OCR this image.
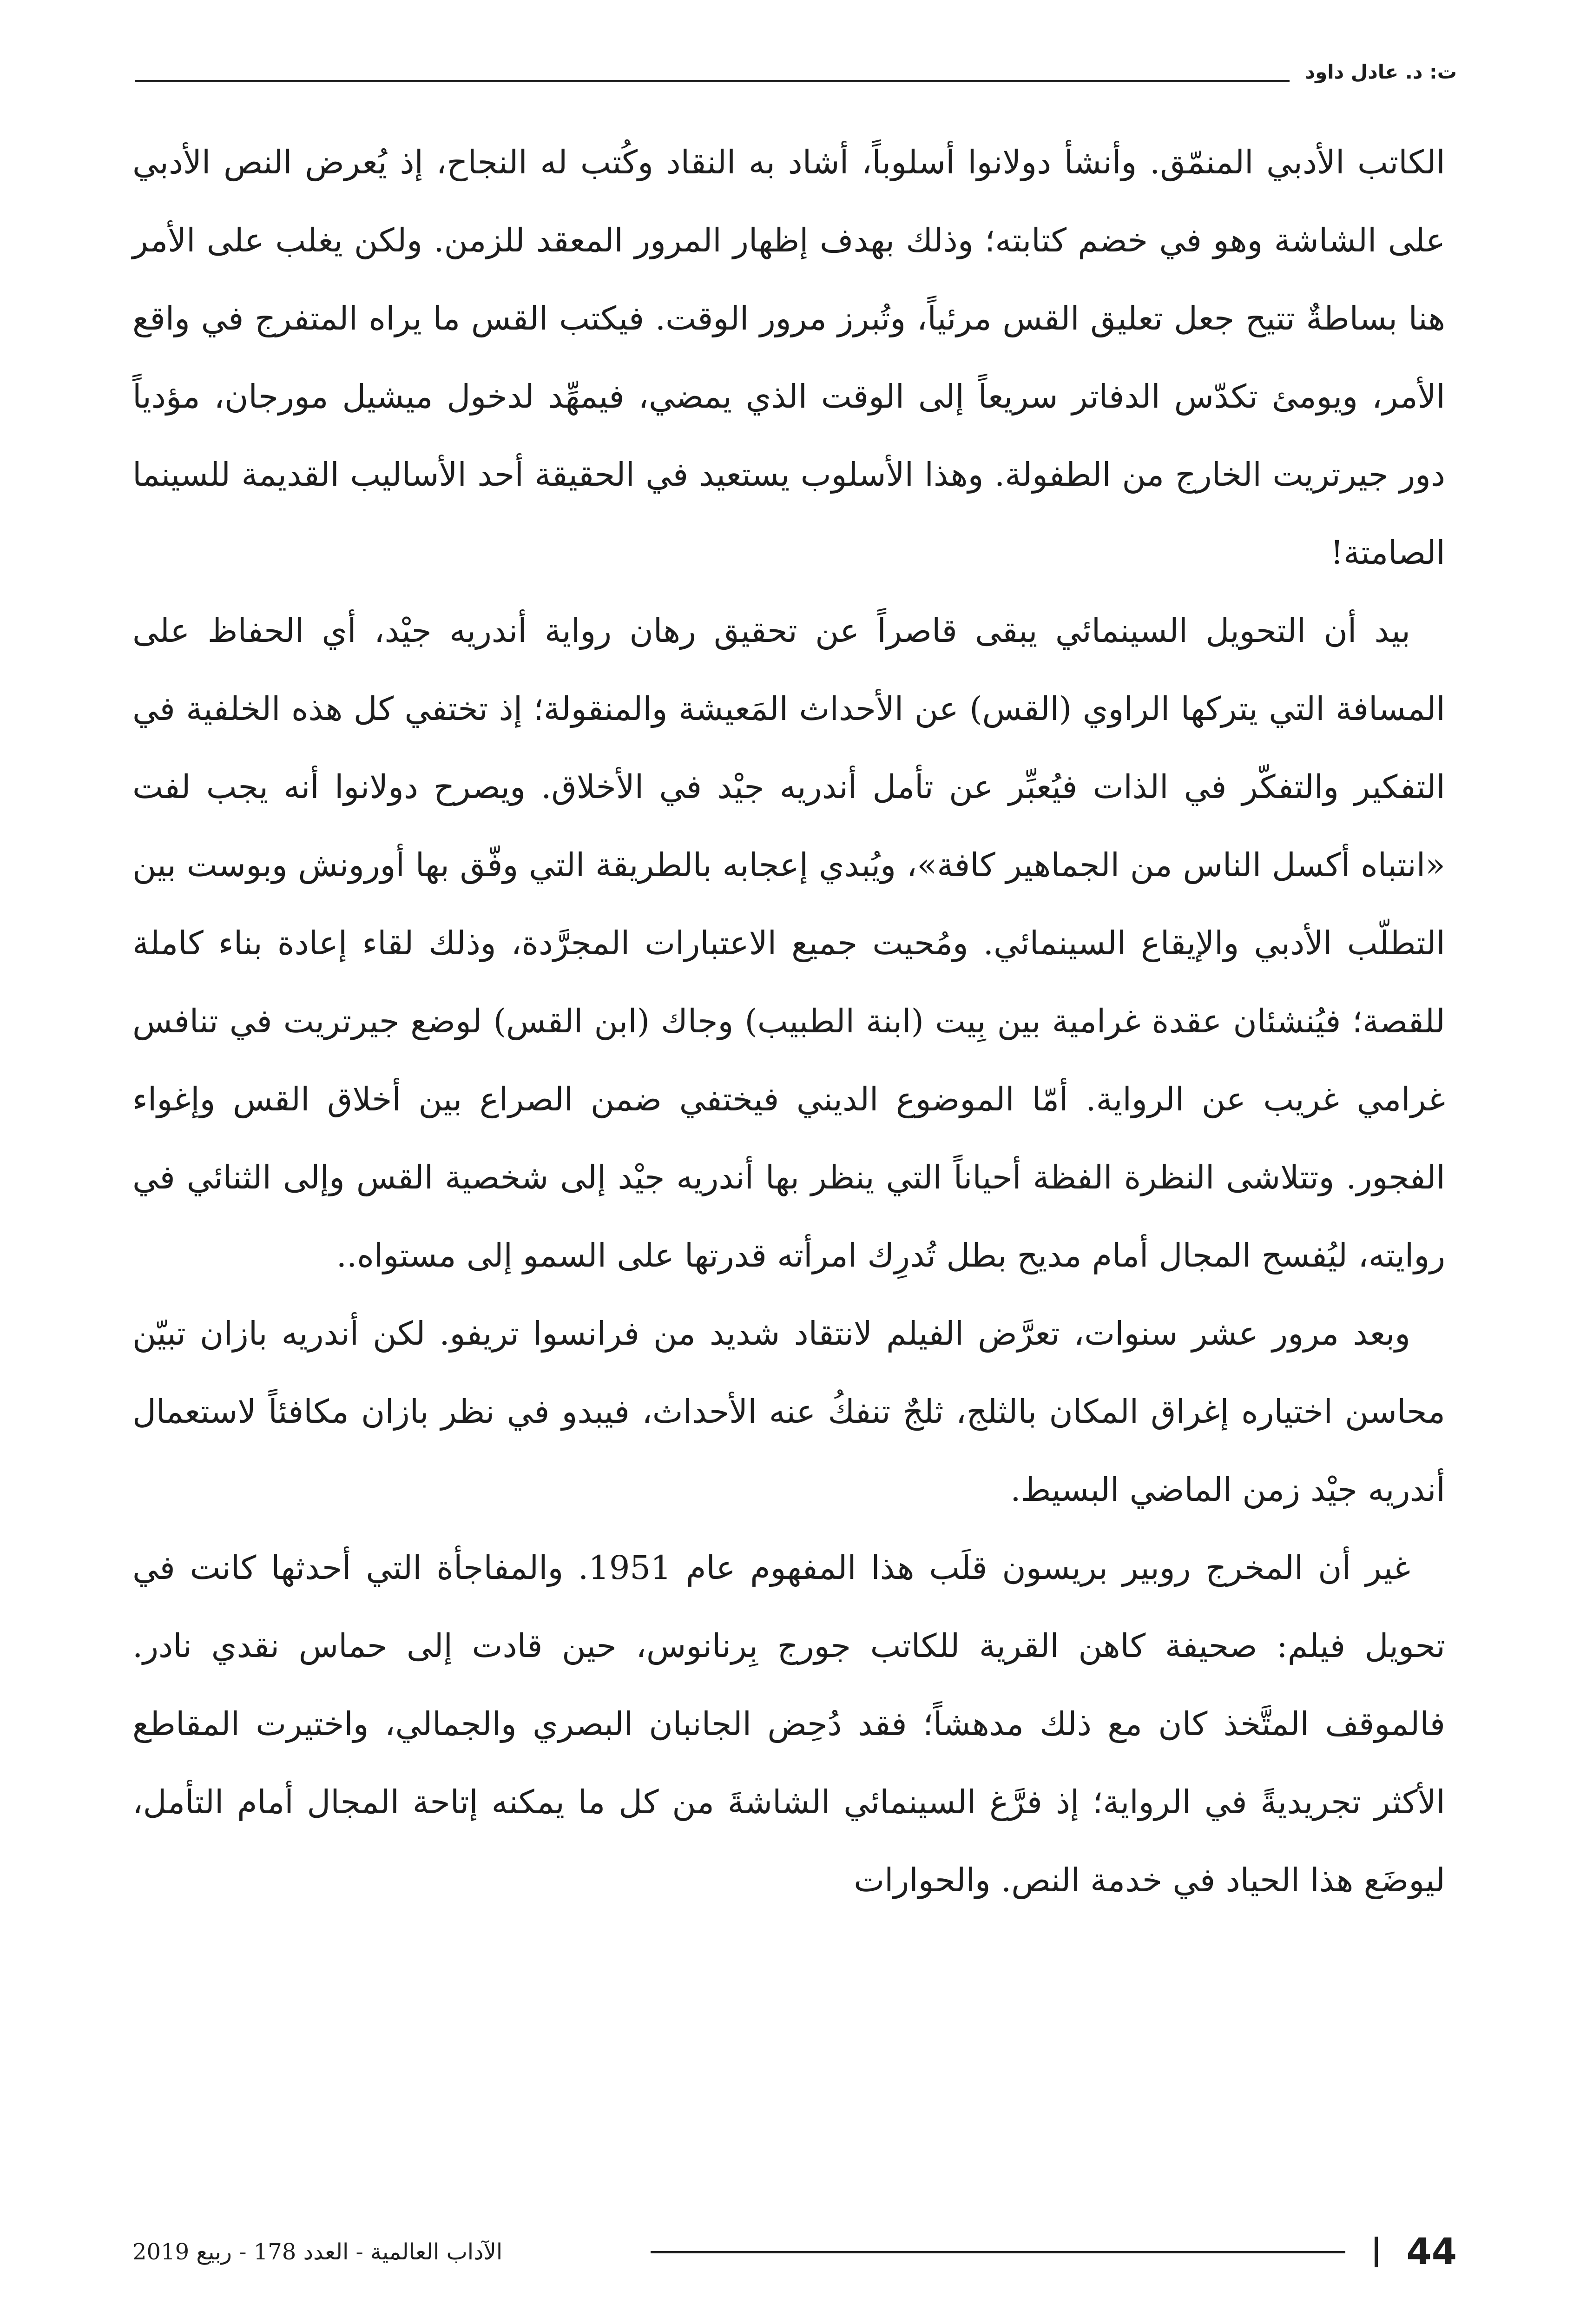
ت: د. عادل داود

الكاتب الأدبي المنمّق. وأنشأ دولانوا أسلوباً، أشاد به النقاد وكُتب له النجاح، إذ يُعرض النص الأدبي على الشاشة وهو في خضم كتابته؛ وذلك بهدف إظهار المرور المعقد للزمن. ولكن يغلب على الأمر هنا بساطةٌ تتيح جعل تعليق القس مرئياً، وتُبرز مرور الوقت. فيكتب القس ما يراه المتفرج في واقع الأمر، ويومئ تكدّس الدفاتر سريعاً إلى الوقت الذي يمضي، فيمهِّد لدخول ميشيل مورجان، مؤدياً دور جيرتريت الخارج من الطفولة. وهذا الأسلوب يستعيد في الحقيقة أحد الأساليب القديمة للسينما الصامتة!

بيد أن التحويل السينمائي يبقى قاصراً عن تحقيق رهان رواية أندريه جيْد، أي الحفاظ على المسافة التي يتركها الراوي (القس) عن الأحداث المَعيشة والمنقولة؛ إذ تختفي كل هذه الخلفية في التفكير والتفكّر في الذات فيُعبِّر عن تأمل أندريه جيْد في الأخلاق. ويصرح دولانوا أنه يجب لفت «انتباه أكسل الناس من الجماهير كافة»، ويُبدي إعجابه بالطريقة التي وفّق بها أورونش وبوست بين التطلّب الأدبي والإيقاع السينمائي. ومُحيت جميع الاعتبارات المجرَّدة، وذلك لقاء إعادة بناء كاملة للقصة؛ فيُنشئان عقدة غرامية بين بِيت (ابنة الطبيب) وجاك (ابن القس) لوضع جيرتريت في تنافس غرامي غريب عن الرواية. أمّا الموضوع الديني فيختفي ضمن الصراع بين أخلاق القس وإغواء الفجور. وتتلاشى النظرة الفظة أحياناً التي ينظر بها أندريه جيْد إلى شخصية القس وإلى الثنائي في روايته، ليُفسح المجال أمام مديح بطل تُدرِك امرأته قدرتها على السمو إلى مستواه..

وبعد مرور عشر سنوات، تعرَّض الفيلم لانتقاد شديد من فرانسوا تريفو. لكن أندريه بازان تبيّن محاسن اختياره إغراق المكان بالثلج، ثلجٌ تنفكُ عنه الأحداث، فيبدو في نظر بازان مكافئاً لاستعمال أندريه جيْد زمن الماضي البسيط.

غير أن المخرج روبير بريسون قلَب هذا المفهوم عام 1951. والمفاجأة التي أحدثها كانت في تحويل فيلم: صحيفة كاهن القرية للكاتب جورج بِرنانوس، حين قادت إلى حماس نقدي نادر. فالموقف المتَّخذ كان مع ذلك مدهشاً؛ فقد دُحِض الجانبان البصري والجمالي، واختيرت المقاطع الأكثر تجريديةً في الرواية؛ إذ فرَّغ السينمائي الشاشةَ من كل ما يمكنه إتاحة المجال أمام التأمل، ليوضَع هذا الحياد في خدمة النص. والحوارات

44
الآداب العالمية - العدد 178 - ربيع 2019
